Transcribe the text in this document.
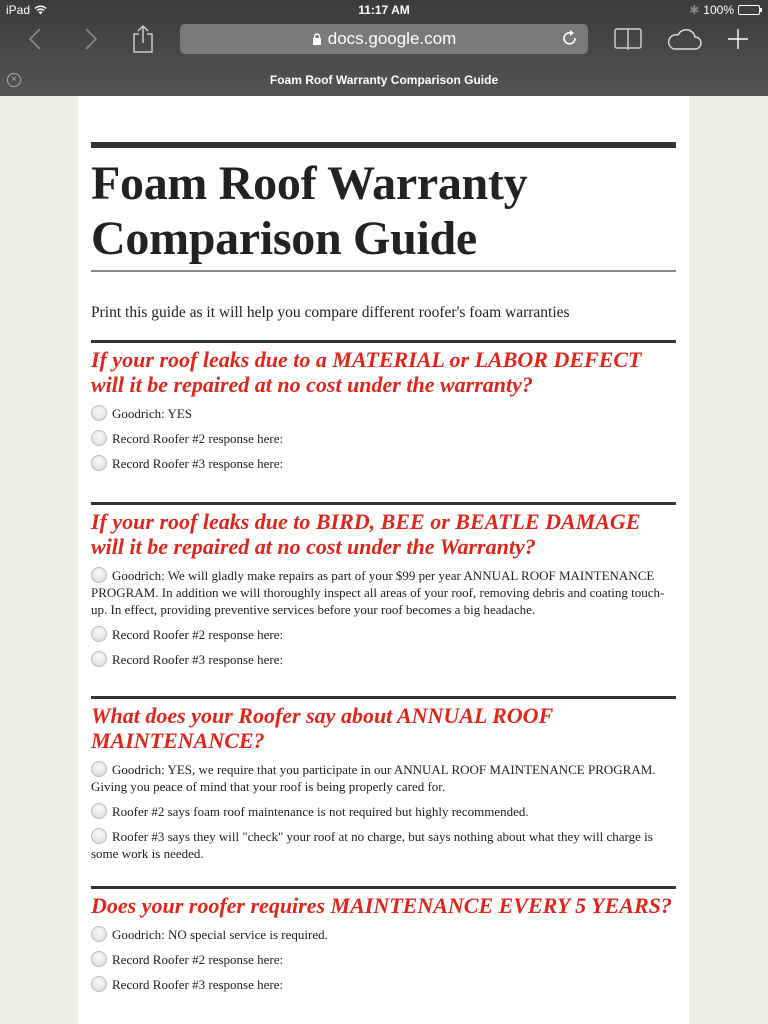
iPad	11:17 AM	✱ 100%
docs.google.com
×	Foam Roof Warranty Comparison Guide
Foam Roof Warranty Comparison Guide

Print this guide as it will help you compare different roofer's foam warranties

If your roof leaks due to a MATERIAL or LABOR DEFECT will it be repaired at no cost under the warranty?
Goodrich: YES
Record Roofer #2 response here:
Record Roofer #3 response here:
If your roof leaks due to BIRD, BEE or BEATLE DAMAGE will it be repaired at no cost under the Warranty?
Goodrich: We will gladly make repairs as part of your $99 per year ANNUAL ROOF MAINTENANCE PROGRAM. In addition we will thoroughly inspect all areas of your roof, removing debris and coating touch-up. In effect, providing preventive services before your roof becomes a big headache.
Record Roofer #2 response here:
Record Roofer #3 response here:
What does your Roofer say about ANNUAL ROOF MAINTENANCE?
Goodrich: YES, we require that you participate in our ANNUAL ROOF MAINTENANCE PROGRAM. Giving you peace of mind that your roof is being properly cared for.
Roofer #2 says foam roof maintenance is not required but highly recommended.
Roofer #3 says they will "check" your roof at no charge, but says nothing about what they will charge is some work is needed.
Does your roofer requires MAINTENANCE EVERY 5 YEARS?
Goodrich: NO special service is required.
Record Roofer #2 response here:
Record Roofer #3 response here:
